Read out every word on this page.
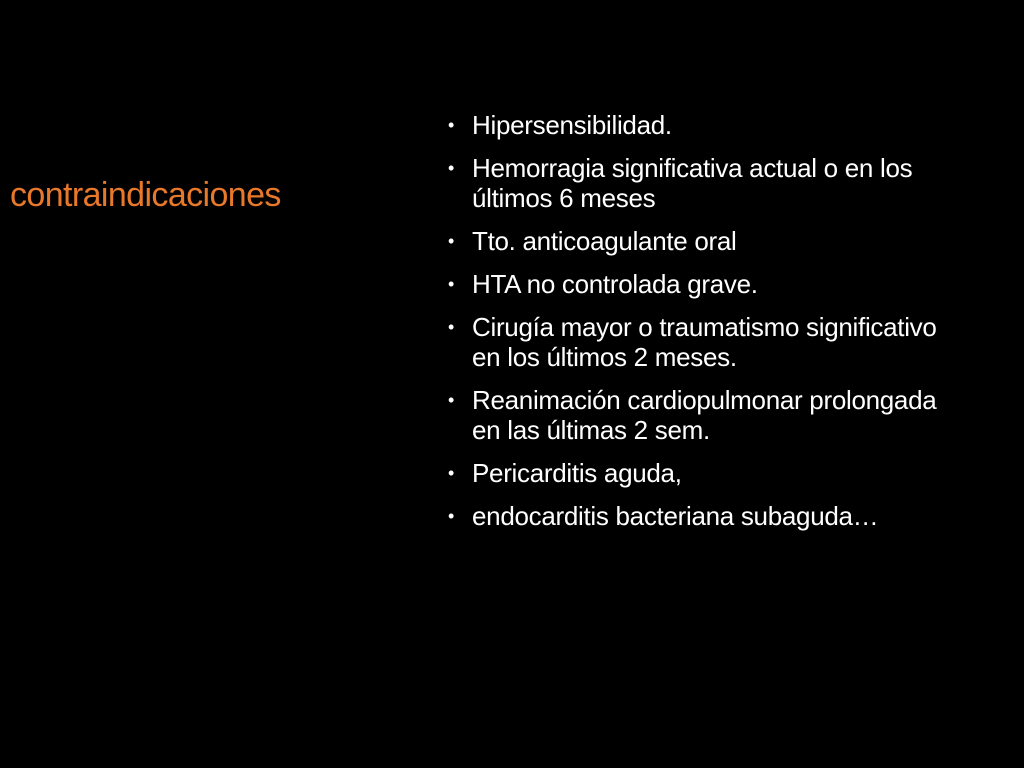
contraindicaciones
• Hipersensibilidad.
• Hemorragia significativa actual o en los últimos 6 meses
• Tto. anticoagulante oral
• HTA no controlada grave.
• Cirugía mayor o traumatismo significativo en los últimos 2 meses.
• Reanimación cardiopulmonar prolongada en las últimas 2 sem.
• Pericarditis aguda,
• endocarditis bacteriana subaguda…
